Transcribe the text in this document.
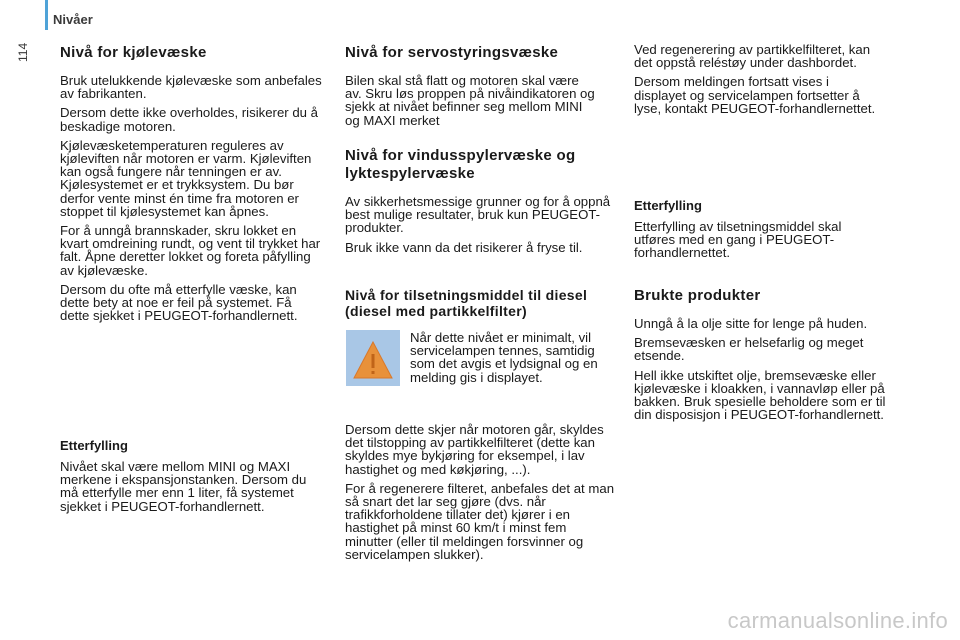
Nivåer
114 Nivå for kjølevæske

Bruk utelukkende kjølevæske som anbefales av fabrikanten.

Dersom dette ikke overholdes, risikerer du å beskadige motoren.

Kjølevæsketemperaturen reguleres av kjøleviften når motoren er varm. Kjøleviften kan også fungere når tenningen er av. Kjølesystemet er et trykksystem. Du bør derfor vente minst én time fra motoren er stoppet til kjølesystemet kan åpnes.

For å unngå brannskader, skru lokket en kvart omdreining rundt, og vent til trykket har falt. Åpne deretter lokket og foreta påfylling av kjølevæske.

Dersom du ofte må etterfylle væske, kan dette bety at noe er feil på systemet. Få dette sjekket i PEUGEOT-forhandlernett.

Etterfylling

Nivået skal være mellom MINI og MAXI merkene i ekspansjonstanken. Dersom du må etterfylle mer enn 1 liter, få systemet sjekket i PEUGEOT-forhandlernett.

Nivå for servostyringsvæske

Bilen skal stå flatt og motoren skal være av. Skru løs proppen på nivåindikatoren og sjekk at nivået befinner seg mellom MINI og MAXI merket

Nivå for vindusspylervæske og lyktespylervæske

Av sikkerhetsmessige grunner og for å oppnå best mulige resultater, bruk kun PEUGEOT-produkter.

Bruk ikke vann da det risikerer å fryse til.

Nivå for tilsetningsmiddel til diesel (diesel med partikkelfilter)

Når dette nivået er minimalt, vil servicelampen tennes, samtidig som det avgis et lydsignal og en melding gis i displayet.

Dersom dette skjer når motoren går, skyldes det tilstopping av partikkelfilteret (dette kan skyldes mye bykjøring for eksempel, i lav hastighet og med køkjøring, ...).

For å regenerere filteret, anbefales det at man så snart det lar seg gjøre (dvs. når trafikkforholdene tillater det) kjører i en hastighet på minst 60 km/t i minst fem minutter (eller til meldingen forsvinner og servicelampen slukker).

Ved regenerering av partikkelfilteret, kan det oppstå reléstøy under dashbordet.

Dersom meldingen fortsatt vises i displayet og servicelampen fortsetter å lyse, kontakt PEUGEOT-forhandlernettet.

Etterfylling

Etterfylling av tilsetningsmiddel skal utføres med en gang i PEUGEOT-forhandlernettet.

Brukte produkter

Unngå å la olje sitte for lenge på huden.

Bremsevæsken er helsefarlig og meget etsende.

Hell ikke utskiftet olje, bremsevæske eller kjølevæske i kloakken, i vannavløp eller på bakken. Bruk spesielle beholdere som er til din disposisjon i PEUGEOT-forhandlernett.

carmanualsonline.info
